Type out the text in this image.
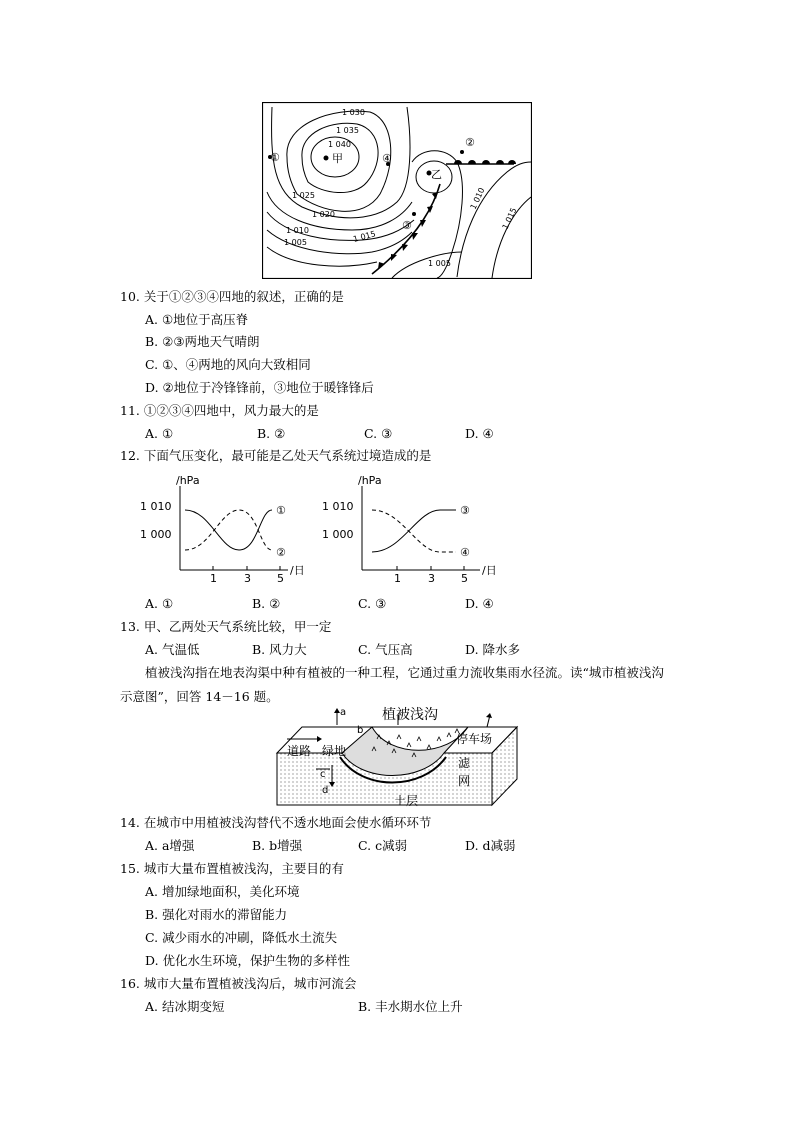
1 030
1 035
1 040
1 025
1 020
1 015
1 010
1 005
1 005
1 010
1 015
甲
乙
①
②
③
④
10. 关于①②③④四地的叙述，正确的是
A. ①地位于高压脊
B. ②③两地天气晴朗
C. ①、④两地的风向大致相同
D. ②地位于冷锋锋前，③地位于暖锋锋后
11. ①②③④四地中，风力最大的是
A. ①	B. ②	C. ③	D. ④
12. 下面气压变化，最可能是乙处天气系统过境造成的是
/hPa
1 010
1 000
1 3 5
/日
①
②
/hPa
1 010
1 000
1 3 5
/日
③
④
A. ①	B. ②	C. ③	D. ④
13. 甲、乙两处天气系统比较，甲一定
A. 气温低	B. 风力大	C. 气压高	D. 降水多
植被浅沟指在地表沟渠中种有植被的一种工程，它通过重力流收集雨水径流。读“城市植被浅沟
示意图”，回答 14－16 题。
植被浅沟
a
b
c
d
道路 绿地
停车场
滤
网
土层
14. 在城市中用植被浅沟替代不透水地面会使水循环环节
A. a增强	B. b增强	C. c减弱	D. d减弱
15. 城市大量布置植被浅沟，主要目的有
A. 增加绿地面积，美化环境
B. 强化对雨水的滞留能力
C. 减少雨水的冲刷，降低水土流失
D. 优化水生环境，保护生物的多样性
16. 城市大量布置植被浅沟后，城市河流会
A. 结冰期变短	B. 丰水期水位上升
